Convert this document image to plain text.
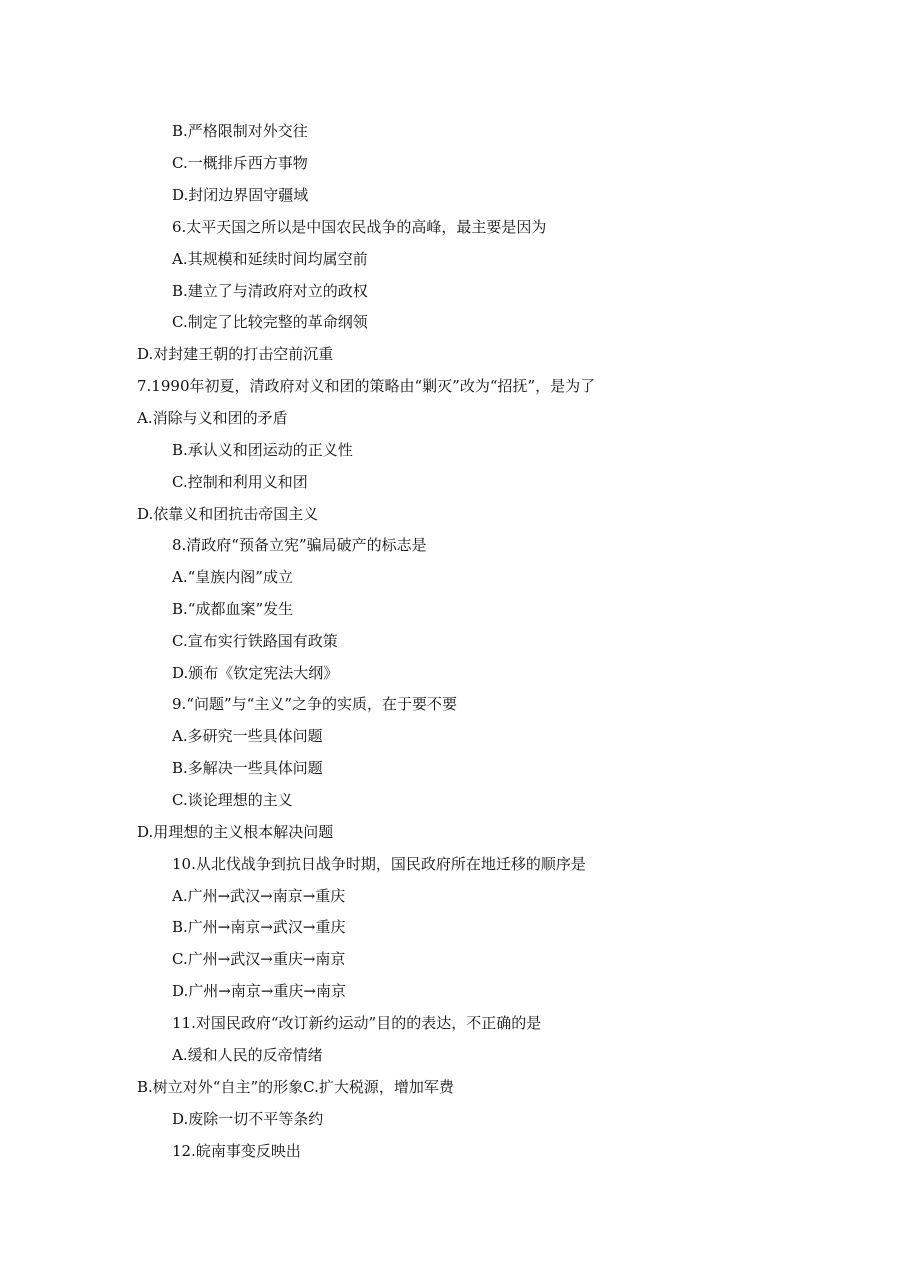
B.严格限制对外交往
C.一概排斥西方事物
D.封闭边界固守疆域
6.太平天国之所以是中国农民战争的高峰，最主要是因为
A.其规模和延续时间均属空前
B.建立了与清政府对立的政权
C.制定了比较完整的革命纲领
D.对封建王朝的打击空前沉重
7.1990年初夏，清政府对义和团的策略由“剿灭”改为“招抚”，是为了
A.消除与义和团的矛盾
B.承认义和团运动的正义性
C.控制和利用义和团
D.依靠义和团抗击帝国主义
8.清政府“预备立宪”骗局破产的标志是
A.“皇族内阁”成立
B.“成都血案”发生
C.宣布实行铁路国有政策
D.颁布《钦定宪法大纲》
9.“问题”与“主义”之争的实质，在于要不要
A.多研究一些具体问题
B.多解决一些具体问题
C.谈论理想的主义
D.用理想的主义根本解决问题
10.从北伐战争到抗日战争时期，国民政府所在地迁移的顺序是
A.广州→武汉→南京→重庆
B.广州→南京→武汉→重庆
C.广州→武汉→重庆→南京
D.广州→南京→重庆→南京
11.对国民政府“改订新约运动”目的的表达，不正确的是
A.缓和人民的反帝情绪
B.树立对外“自主”的形象C.扩大税源，增加军费
D.废除一切不平等条约
12.皖南事变反映出
